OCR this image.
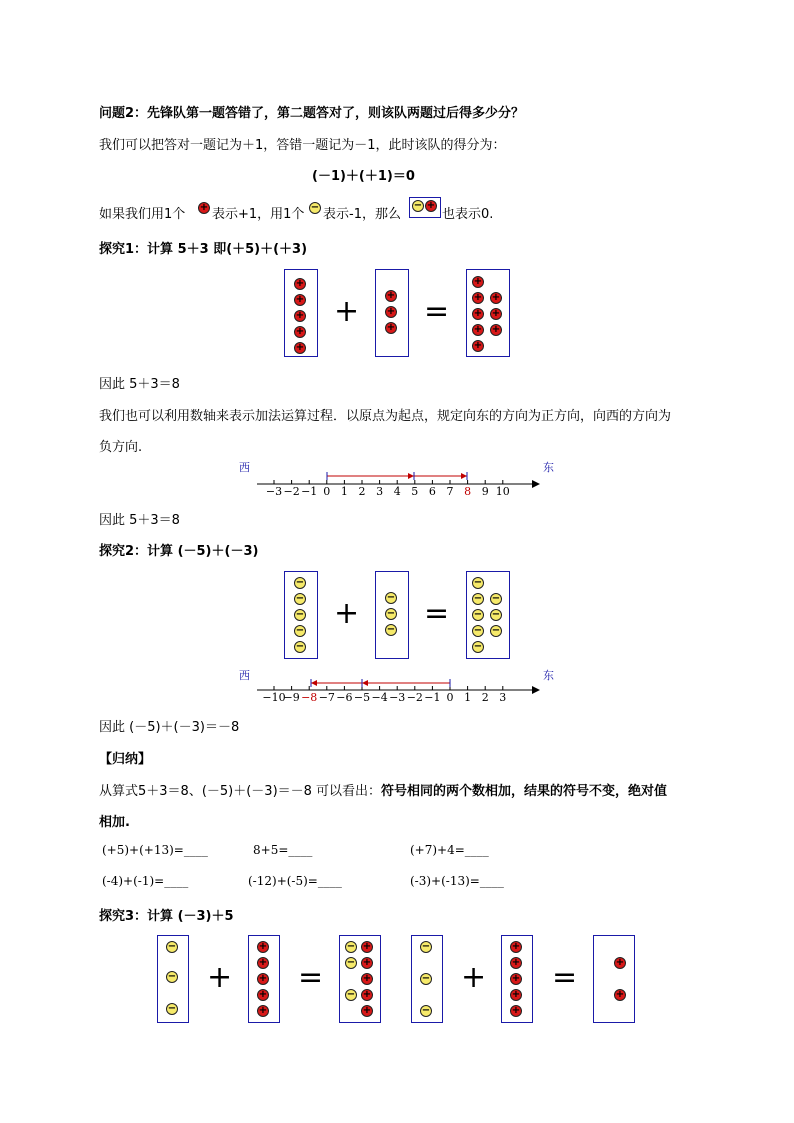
问题2：先锋队第一题答错了，第二题答对了，则该队两题过后得多少分？
我们可以把答对一题记为＋1，答错一题记为－1，此时该队的得分为：
(－1)＋(＋1)＝0
如果我们用1个 + 表示+1，用1个 − 表示-1，那么
− +
也表示0.
探究1：计算 5＋3 即(＋5)＋(＋3)
+ =
因此 5＋3＝8
我们也可以利用数轴来表示加法运算过程．以原点为起点，规定向东的方向为正方向，向西的方向为
负方向.
西	东
−3 −2 −1 0 1 2 3 4 5 6 7 8 9 10
因此 5＋3＝8
探究2：计算 (－5)＋(－3)
+ =
西	东
−10
−9 −8 −7 −6 −5 −4 −3 −2 −1 0 1 2 3
因此 (－5)＋(－3)＝－8
【归纳】
从算式5＋3＝8、(－5)＋(－3)＝－8 可以看出：符号相同的两个数相加，结果的符号不变，绝对值
相加.
(+5)+(+13)=____	8+5=____	(+7)+4=____
(-4)+(-1)=____	(-12)+(-5)=____	(-3)+(-13)=____
探究3：计算 (－3)＋5
+ =	+ =
+
+
+
+
+
+
+
+
+
+ +
+ +
+ +
+
−
−
−
−
−
−
−
−
−
− −
− −
− −
−
−
−
−
+
+
+
+
+
− +
− +
+
− +
+
−
−
−
+
+
+
+
+
+
+
